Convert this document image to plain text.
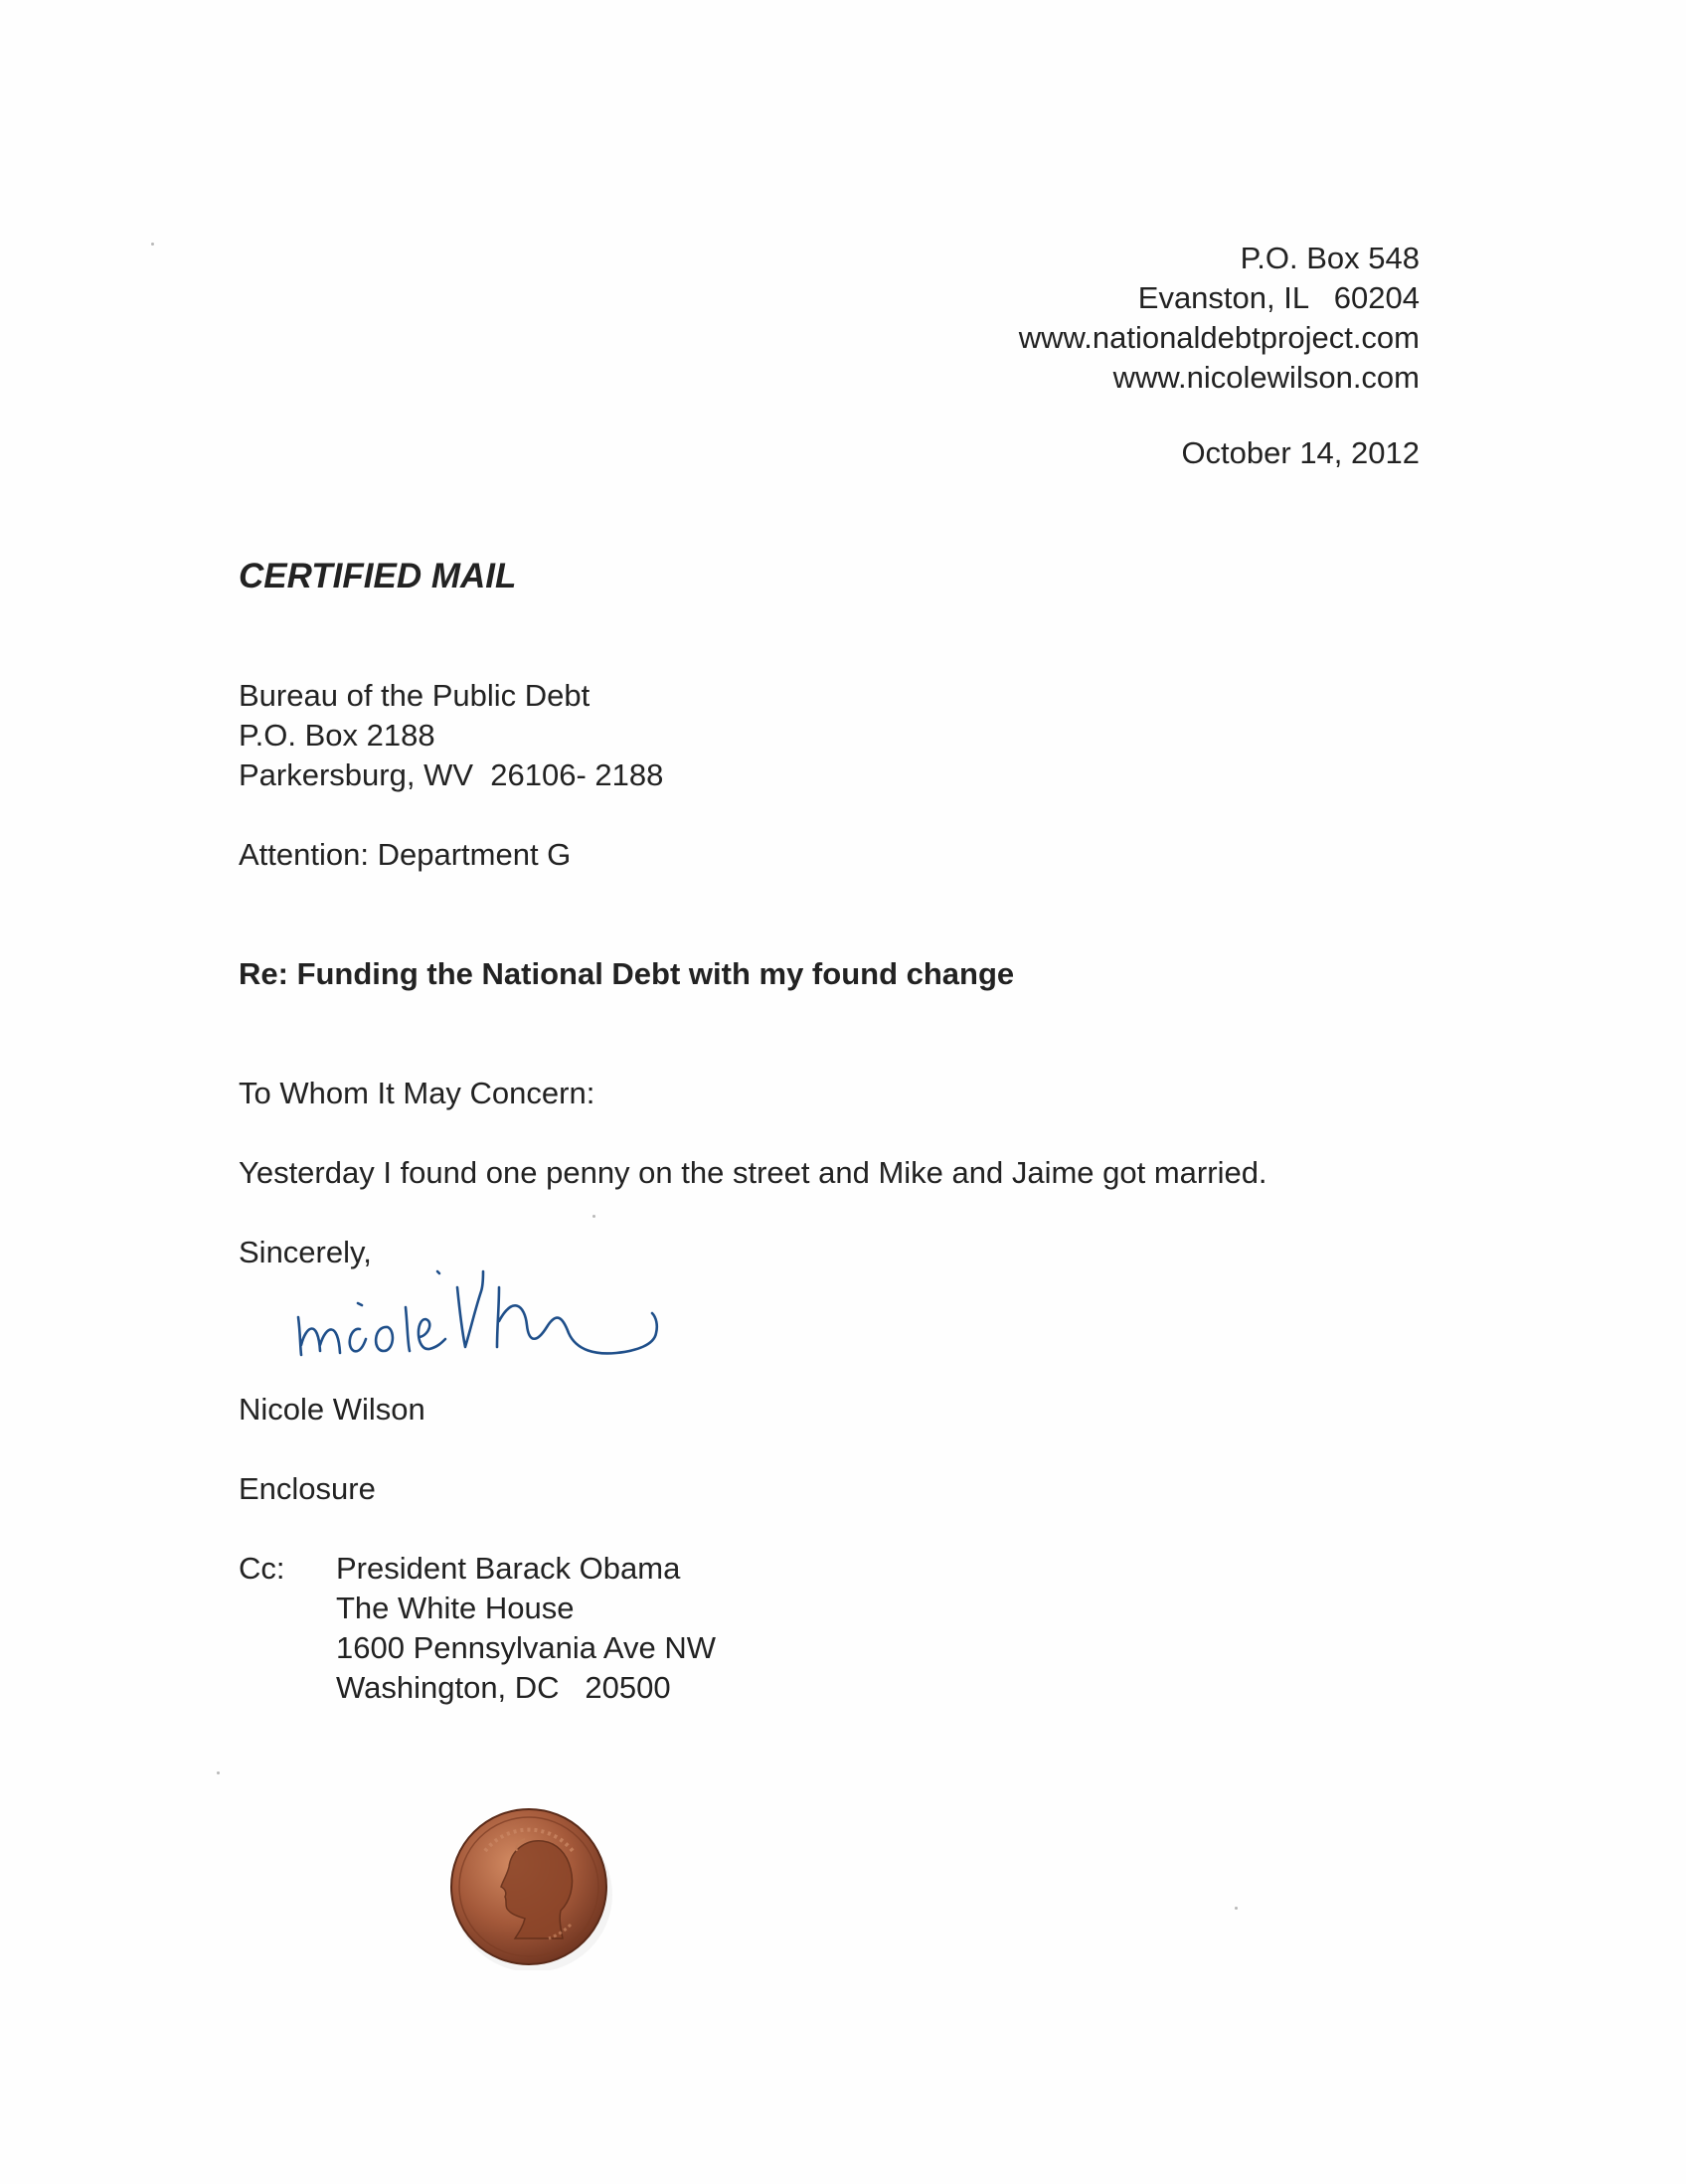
P.O. Box 548
Evanston, IL   60204
www.nationaldebtproject.com
www.nicolewilson.com
October 14, 2012
CERTIFIED MAIL
Bureau of the Public Debt
P.O. Box 2188
Parkersburg, WV  26106- 2188
Attention: Department G
Re: Funding the National Debt with my found change
To Whom It May Concern:
Yesterday I found one penny on the street and Mike and Jaime got married.
Sincerely,
Nicole Wilson
Enclosure
Cc: President Barack Obama
The White House
1600 Pennsylvania Ave NW
Washington, DC   20500
